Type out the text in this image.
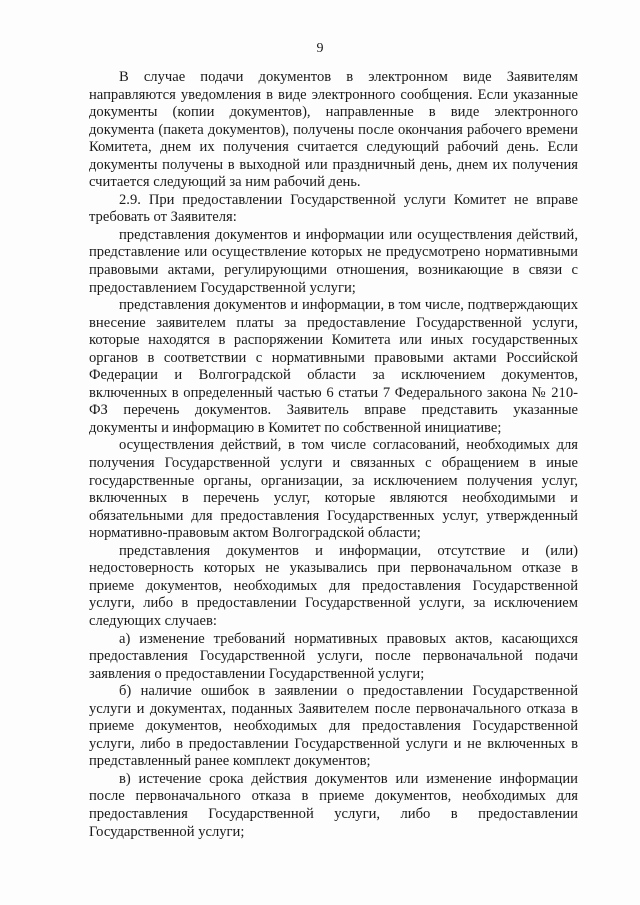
9

В случае подачи документов в электронном виде Заявителям направляются уведомления в виде электронного сообщения. Если указанные документы (копии документов), направленные в виде электронного документа (пакета документов), получены после окончания рабочего времени Комитета, днем их получения считается следующий рабочий день. Если документы получены в выходной или праздничный день, днем их получения считается следующий за ним рабочий день.

2.9. При предоставлении Государственной услуги Комитет не вправе требовать от Заявителя:

представления документов и информации или осуществления действий, представление или осуществление которых не предусмотрено нормативными правовыми актами, регулирующими отношения, возникающие в связи с предоставлением Государственной услуги;

представления документов и информации, в том числе, подтверждающих внесение заявителем платы за предоставление Государственной услуги, которые находятся в распоряжении Комитета или иных государственных органов в соответствии с нормативными правовыми актами Российской Федерации и Волгоградской области за исключением документов, включенных в определенный частью 6 статьи 7 Федерального закона № 210-ФЗ перечень документов. Заявитель вправе представить указанные документы и информацию в Комитет по собственной инициативе;

осуществления действий, в том числе согласований, необходимых для получения Государственной услуги и связанных с обращением в иные государственные органы, организации, за исключением получения услуг, включенных в перечень услуг, которые являются необходимыми и обязательными для предоставления Государственных услуг, утвержденный нормативно-правовым актом Волгоградской области;

представления документов и информации, отсутствие и (или) недостоверность которых не указывались при первоначальном отказе в приеме документов, необходимых для предоставления Государственной услуги, либо в предоставлении Государственной услуги, за исключением следующих случаев:

а) изменение требований нормативных правовых актов, касающихся предоставления Государственной услуги, после первоначальной подачи заявления о предоставлении Государственной услуги;

б) наличие ошибок в заявлении о предоставлении Государственной услуги и документах, поданных Заявителем после первоначального отказа в приеме документов, необходимых для предоставления Государственной услуги, либо в предоставлении Государственной услуги и не включенных в представленный ранее комплект документов;

в) истечение срока действия документов или изменение информации после первоначального отказа в приеме документов, необходимых для предоставления Государственной услуги, либо в предоставлении Государственной услуги;
